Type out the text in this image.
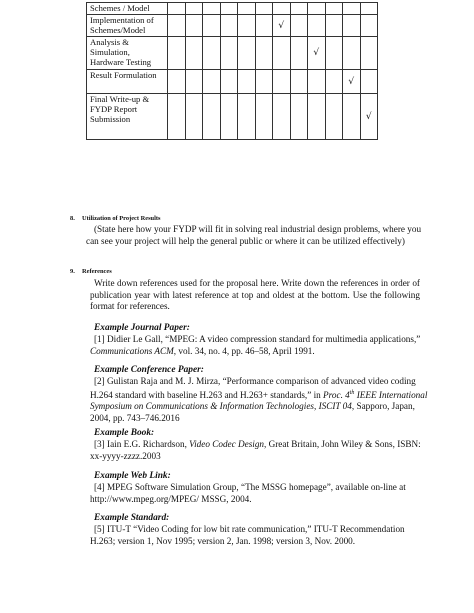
Schemes / Model												
Implementation of Schemes/Model							√					
Analysis & Simulation, Hardware Testing									√			
Result Formulation											√	
Final Write-up & FYDP Report Submission												√
8. Utilization of Project Results
(State here how your FYDP will fit in solving real industrial design problems, where you can see your project will help the general public or where it can be utilized effectively)
9. References
Write down references used for the proposal here. Write down the references in order of publication year with latest reference at top and oldest at the bottom. Use the following format for references.
Example Journal Paper:
[1] Didier Le Gall, “MPEG: A video compression standard for multimedia applications,” Communications ACM, vol. 34, no. 4, pp. 46–58, April 1991.
Example Conference Paper:
[2] Gulistan Raja and M. J. Mirza, “Performance comparison of advanced video coding H.264 standard with baseline H.263 and H.263+ standards,” in Proc. 4th IEEE International Symposium on Communications & Information Technologies, ISCIT 04, Sapporo, Japan, 2004, pp. 743–746.2016
Example Book:
[3] Iain E.G. Richardson, Video Codec Design, Great Britain, John Wiley & Sons, ISBN: xx-yyyy-zzzz.2003
Example Web Link:
[4] MPEG Software Simulation Group, “The MSSG homepage”, available on-line at http://www.mpeg.org/MPEG/ MSSG, 2004.
Example Standard:
[5] ITU-T “Video Coding for low bit rate communication,” ITU-T Recommendation H.263; version 1, Nov 1995; version 2, Jan. 1998; version 3, Nov. 2000.
